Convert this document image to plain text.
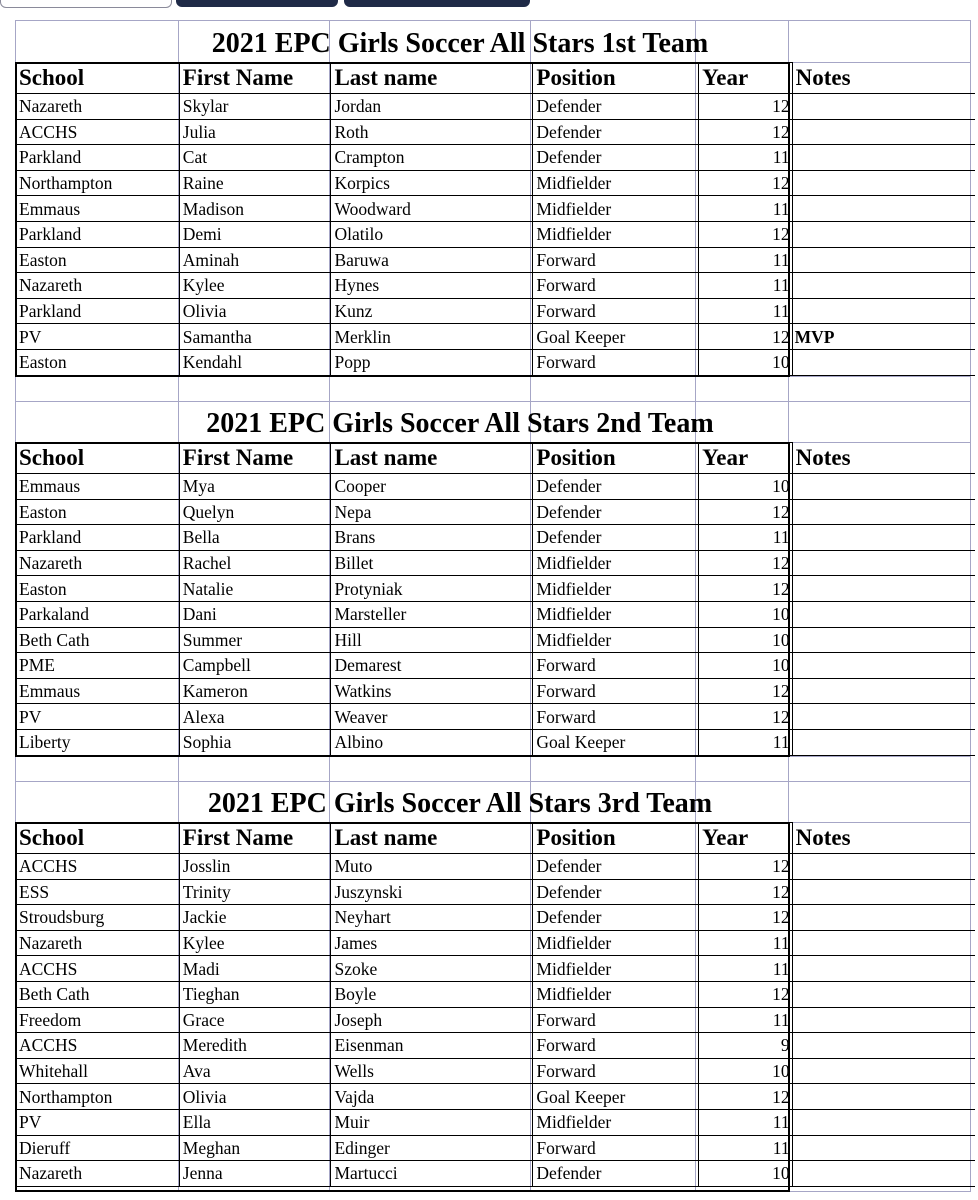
2021 EPC Girls Soccer All Stars 1st Team
School	First Name	Last name	Position	Year	Notes
Nazareth	Skylar	Jordan	Defender	12	
ACCHS	Julia	Roth	Defender	12	
Parkland	Cat	Crampton	Defender	11	
Northampton	Raine	Korpics	Midfielder	12	
Emmaus	Madison	Woodward	Midfielder	11	
Parkland	Demi	Olatilo	Midfielder	12	
Easton	Aminah	Baruwa	Forward	11	
Nazareth	Kylee	Hynes	Forward	11	
Parkland	Olivia	Kunz	Forward	11	
PV	Samantha	Merklin	Goal Keeper	12	MVP
Easton	Kendahl	Popp	Forward	10	
2021 EPC Girls Soccer All Stars 2nd Team
School	First Name	Last name	Position	Year	Notes
Emmaus	Mya	Cooper	Defender	10	
Easton	Quelyn	Nepa	Defender	12	
Parkland	Bella	Brans	Defender	11	
Nazareth	Rachel	Billet	Midfielder	12	
Easton	Natalie	Protyniak	Midfielder	12	
Parkaland	Dani	Marsteller	Midfielder	10	
Beth Cath	Summer	Hill	Midfielder	10	
PME	Campbell	Demarest	Forward	10	
Emmaus	Kameron	Watkins	Forward	12	
PV	Alexa	Weaver	Forward	12	
Liberty	Sophia	Albino	Goal Keeper	11	
2021 EPC Girls Soccer All Stars 3rd Team
School	First Name	Last name	Position	Year	Notes
ACCHS	Josslin	Muto	Defender	12	
ESS	Trinity	Juszynski	Defender	12	
Stroudsburg	Jackie	Neyhart	Defender	12	
Nazareth	Kylee	James	Midfielder	11	
ACCHS	Madi	Szoke	Midfielder	11	
Beth Cath	Tieghan	Boyle	Midfielder	12	
Freedom	Grace	Joseph	Forward	11	
ACCHS	Meredith	Eisenman	Forward	9	
Whitehall	Ava	Wells	Forward	10	
Northampton	Olivia	Vajda	Goal Keeper	12	
PV	Ella	Muir	Midfielder	11	
Dieruff	Meghan	Edinger	Forward	11	
Nazareth	Jenna	Martucci	Defender	10	
